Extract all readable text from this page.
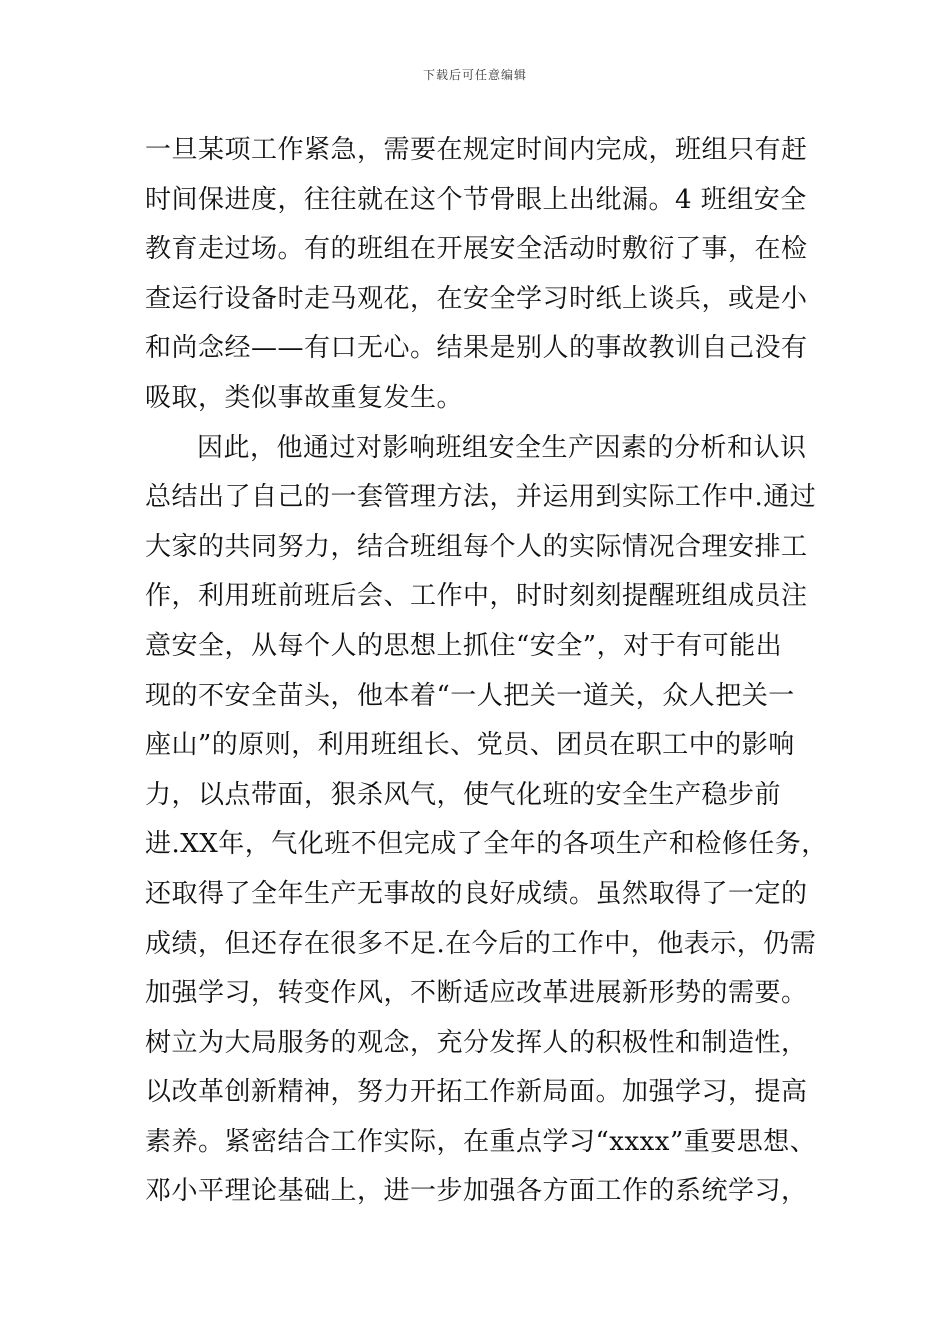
下载后可任意编辑
一旦某项工作紧急，需要在规定时间内完成，班组只有赶
时间保进度，往往就在这个节骨眼上出纰漏。4 班组安全
教育走过场。有的班组在开展安全活动时敷衍了事，在检
查运行设备时走马观花，在安全学习时纸上谈兵，或是小
和尚念经——有口无心。结果是别人的事故教训自己没有
吸取，类似事故重复发生。
因此，他通过对影响班组安全生产因素的分析和认识
总结出了自己的一套管理方法，并运用到实际工作中.通过
大家的共同努力，结合班组每个人的实际情况合理安排工
作，利用班前班后会、工作中，时时刻刻提醒班组成员注
意安全，从每个人的思想上抓住“安全”，对于有可能出
现的不安全苗头，他本着“一人把关一道关，众人把关一
座山”的原则，利用班组长、党员、团员在职工中的影响
力，以点带面，狠杀风气，使气化班的安全生产稳步前
进.XX年，气化班不但完成了全年的各项生产和检修任务，
还取得了全年生产无事故的良好成绩。虽然取得了一定的
成绩，但还存在很多不足.在今后的工作中，他表示，仍需
加强学习，转变作风，不断适应改革进展新形势的需要。
树立为大局服务的观念，充分发挥人的积极性和制造性，
以改革创新精神，努力开拓工作新局面。加强学习，提高
素养。紧密结合工作实际，在重点学习“xxxx”重要思想、
邓小平理论基础上，进一步加强各方面工作的系统学习，
